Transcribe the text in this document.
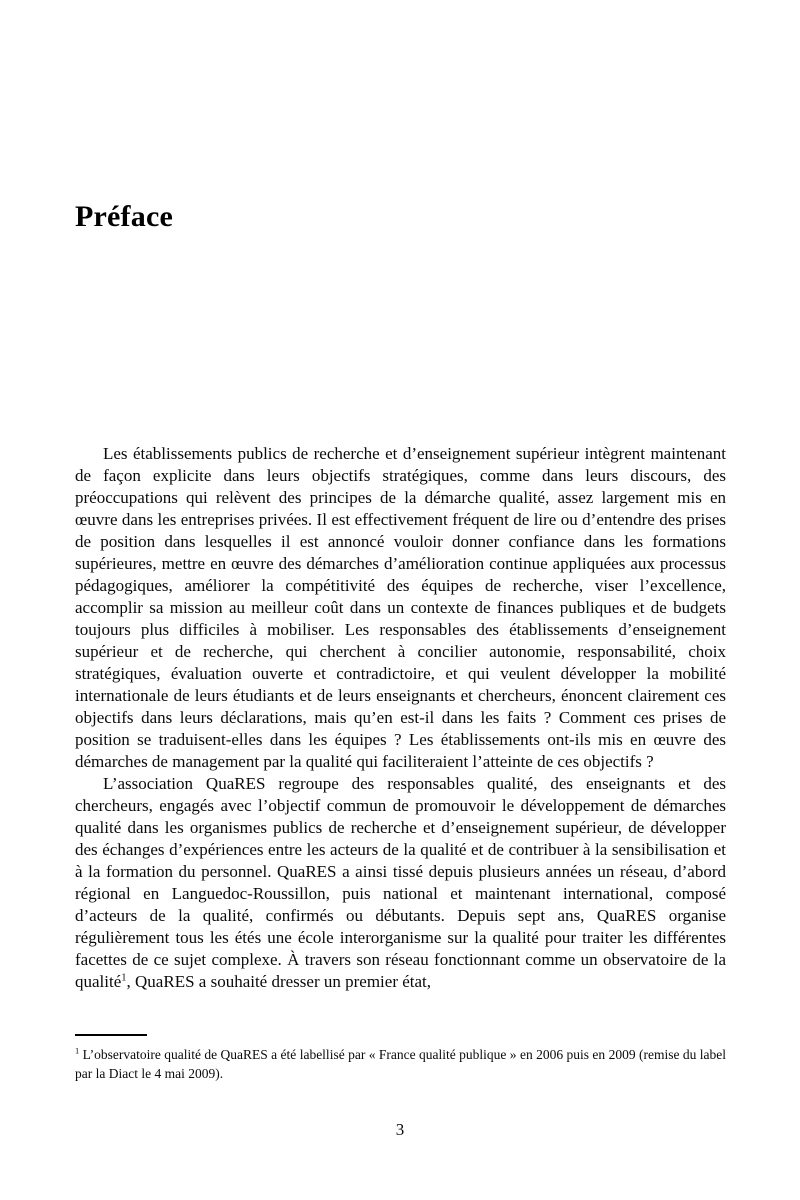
Préface

Les établissements publics de recherche et d’enseignement supérieur intègrent maintenant de façon explicite dans leurs objectifs stratégiques, comme dans leurs discours, des préoccupations qui relèvent des principes de la démarche qualité, assez largement mis en œuvre dans les entreprises privées. Il est effectivement fréquent de lire ou d’entendre des prises de position dans lesquelles il est annoncé vouloir donner confiance dans les formations supérieures, mettre en œuvre des démarches d’amélioration continue appliquées aux processus pédagogiques, améliorer la compétitivité des équipes de recherche, viser l’excellence, accomplir sa mission au meilleur coût dans un contexte de finances publiques et de budgets toujours plus difficiles à mobiliser. Les responsables des établissements d’enseignement supérieur et de recherche, qui cherchent à concilier autonomie, responsabilité, choix stratégiques, évaluation ouverte et contradictoire, et qui veulent développer la mobilité internationale de leurs étudiants et de leurs enseignants et chercheurs, énoncent clairement ces objectifs dans leurs déclarations, mais qu’en est-il dans les faits ? Comment ces prises de position se traduisent-elles dans les équipes ? Les établissements ont-ils mis en œuvre des démarches de management par la qualité qui faciliteraient l’atteinte de ces objectifs ?

L’association QuaRES regroupe des responsables qualité, des enseignants et des chercheurs, engagés avec l’objectif commun de promouvoir le développement de démarches qualité dans les organismes publics de recherche et d’enseignement supérieur, de développer des échanges d’expériences entre les acteurs de la qualité et de contribuer à la sensibilisation et à la formation du personnel. QuaRES a ainsi tissé depuis plusieurs années un réseau, d’abord régional en Languedoc-Roussillon, puis national et maintenant international, composé d’acteurs de la qualité, confirmés ou débutants. Depuis sept ans, QuaRES organise régulièrement tous les étés une école interorganisme sur la qualité pour traiter les différentes facettes de ce sujet complexe. À travers son réseau fonctionnant comme un observatoire de la qualité$^1$, QuaRES a souhaité dresser un premier état,

$^1$ L’observatoire qualité de QuaRES a été labellisé par « France qualité publique » en 2006 puis en 2009 (remise du label par la Diact le 4 mai 2009).

3
